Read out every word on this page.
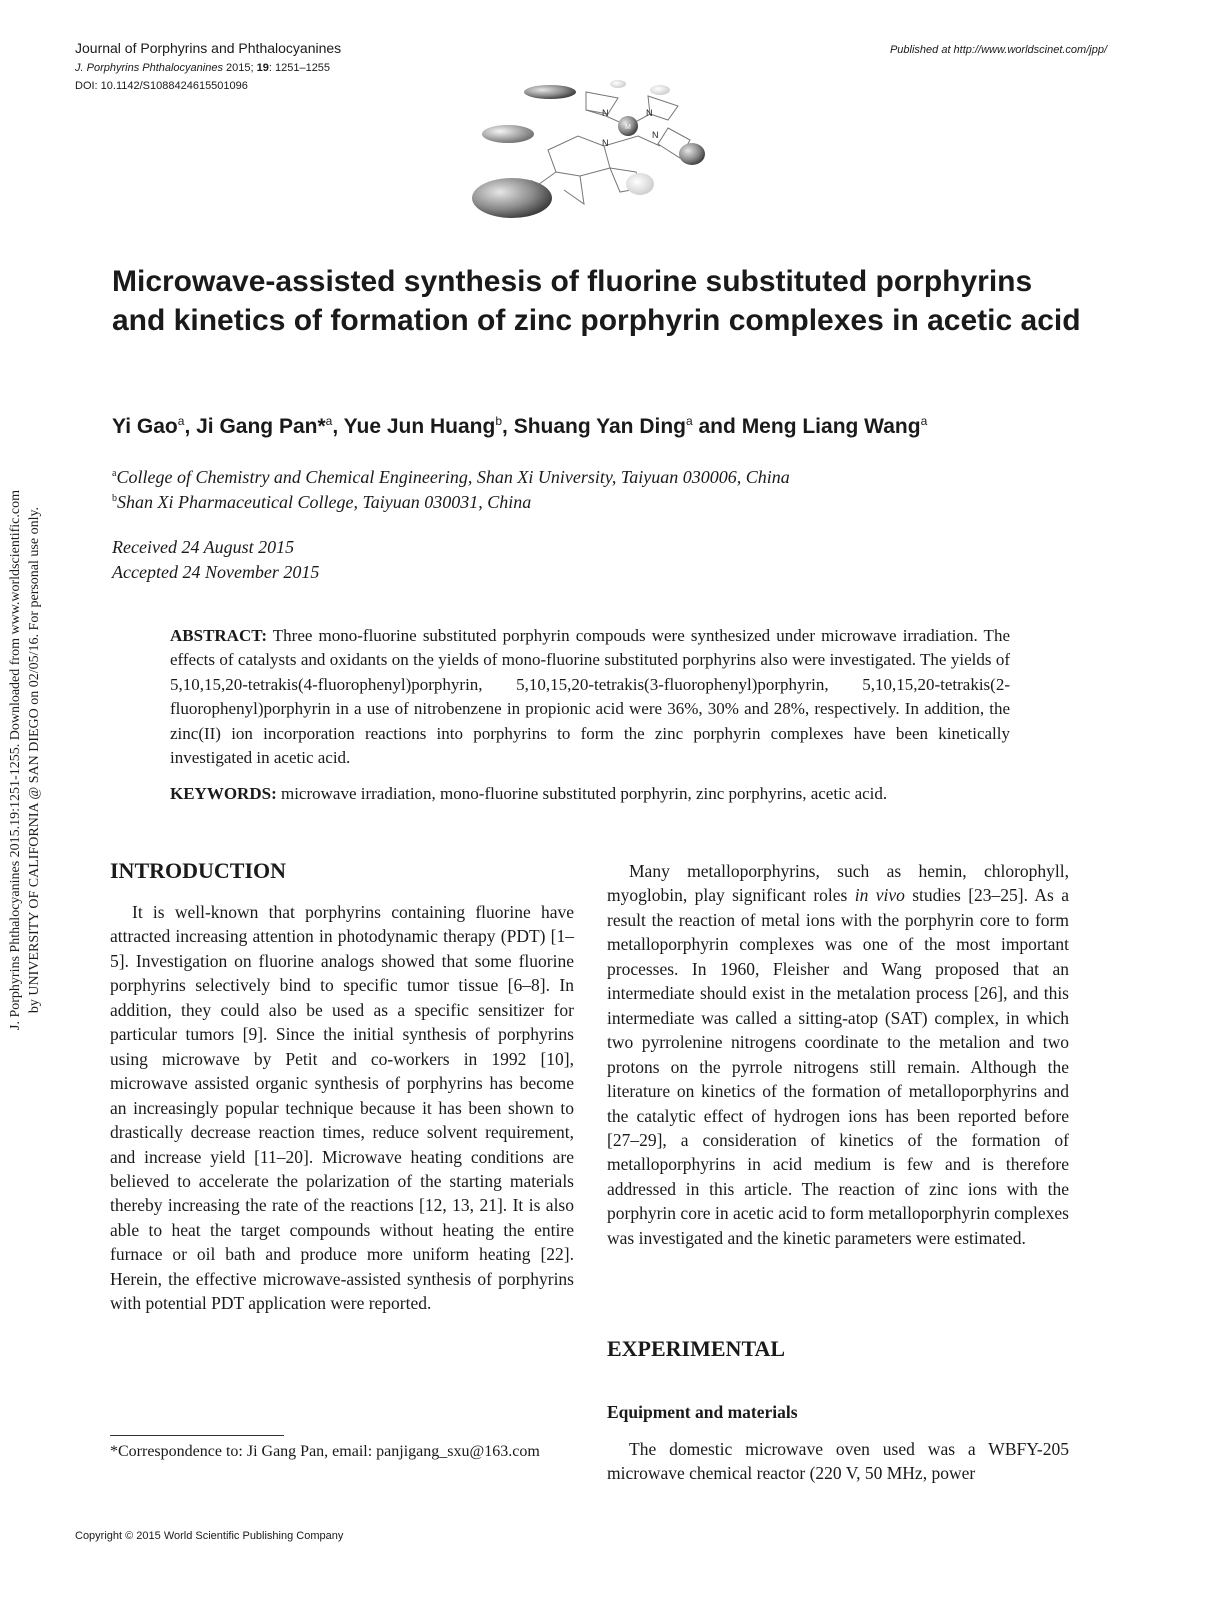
Journal of Porphyrins and Phthalocyanines
J. Porphyrins Phthalocyanines 2015; 19: 1251–1255
DOI: 10.1142/S1088424615501096
Published at http://www.worldscinet.com/jpp/
N	N
M
N
N
J. Porphyrins Phthalocyanines 2015.19:1251-1255. Downloaded from www.worldscientific.com by UNIVERSITY OF CALIFORNIA @ SAN DIEGO on 02/05/16. For personal use only.
Microwave-assisted synthesis of fluorine substituted porphyrins and kinetics of formation of zinc porphyrin complexes in acetic acid
Yi Gao$^a$, Ji Gang Pan*$^a$, Yue Jun Huang$^b$, Shuang Yan Ding$^a$ and Meng Liang Wang$^a$
$^a$College of Chemistry and Chemical Engineering, Shan Xi University, Taiyuan 030006, China
$^b$Shan Xi Pharmaceutical College, Taiyuan 030031, China
Received 24 August 2015
Accepted 24 November 2015
ABSTRACT: Three mono-fluorine substituted porphyrin compouds were synthesized under microwave irradiation. The effects of catalysts and oxidants on the yields of mono-fluorine substituted porphyrins also were investigated. The yields of 5,10,15,20-tetrakis(4-fluorophenyl)porphyrin, 5,10,15,20-tetrakis(3-fluorophenyl)porphyrin, 5,10,15,20-tetrakis(2-fluorophenyl)porphyrin in a use of nitrobenzene in propionic acid were 36%, 30% and 28%, respectively. In addition, the zinc(II) ion incorporation reactions into porphyrins to form the zinc porphyrin complexes have been kinetically investigated in acetic acid.
KEYWORDS: microwave irradiation, mono-fluorine substituted porphyrin, zinc porphyrins, acetic acid.
INTRODUCTION

It is well-known that porphyrins containing fluorine have attracted increasing attention in photodynamic therapy (PDT) [1–5]. Investigation on fluorine analogs showed that some fluorine porphyrins selectively bind to specific tumor tissue [6–8]. In addition, they could also be used as a specific sensitizer for particular tumors [9]. Since the initial synthesis of porphyrins using microwave by Petit and co-workers in 1992 [10], microwave assisted organic synthesis of porphyrins has become an increasingly popular technique because it has been shown to drastically decrease reaction times, reduce solvent requirement, and increase yield [11–20]. Microwave heating conditions are believed to accelerate the polarization of the starting materials thereby increasing the rate of the reactions [12, 13, 21]. It is also able to heat the target compounds without heating the entire furnace or oil bath and produce more uniform heating [22]. Herein, the effective microwave-assisted synthesis of porphyrins with potential PDT application were reported.

Many metalloporphyrins, such as hemin, chlorophyll, myoglobin, play significant roles in vivo studies [23–25]. As a result the reaction of metal ions with the porphyrin core to form metalloporphyrin complexes was one of the most important processes. In 1960, Fleisher and Wang proposed that an intermediate should exist in the metalation process [26], and this intermediate was called a sitting-atop (SAT) complex, in which two pyrrolenine nitrogens coordinate to the metalion and two protons on the pyrrole nitrogens still remain. Although the literature on kinetics of the formation of metalloporphyrins and the catalytic effect of hydrogen ions has been reported before [27–29], a consideration of kinetics of the formation of metalloporphyrins in acid medium is few and is therefore addressed in this article. The reaction of zinc ions with the porphyrin core in acetic acid to form metalloporphyrin complexes was investigated and the kinetic parameters were estimated.

EXPERIMENTAL
Equipment and materials

The domestic microwave oven used was a WBFY-205 microwave chemical reactor (220 V, 50 MHz, power

*Correspondence to: Ji Gang Pan, email: panjigang_sxu@163.com
Copyright © 2015 World Scientific Publishing Company
